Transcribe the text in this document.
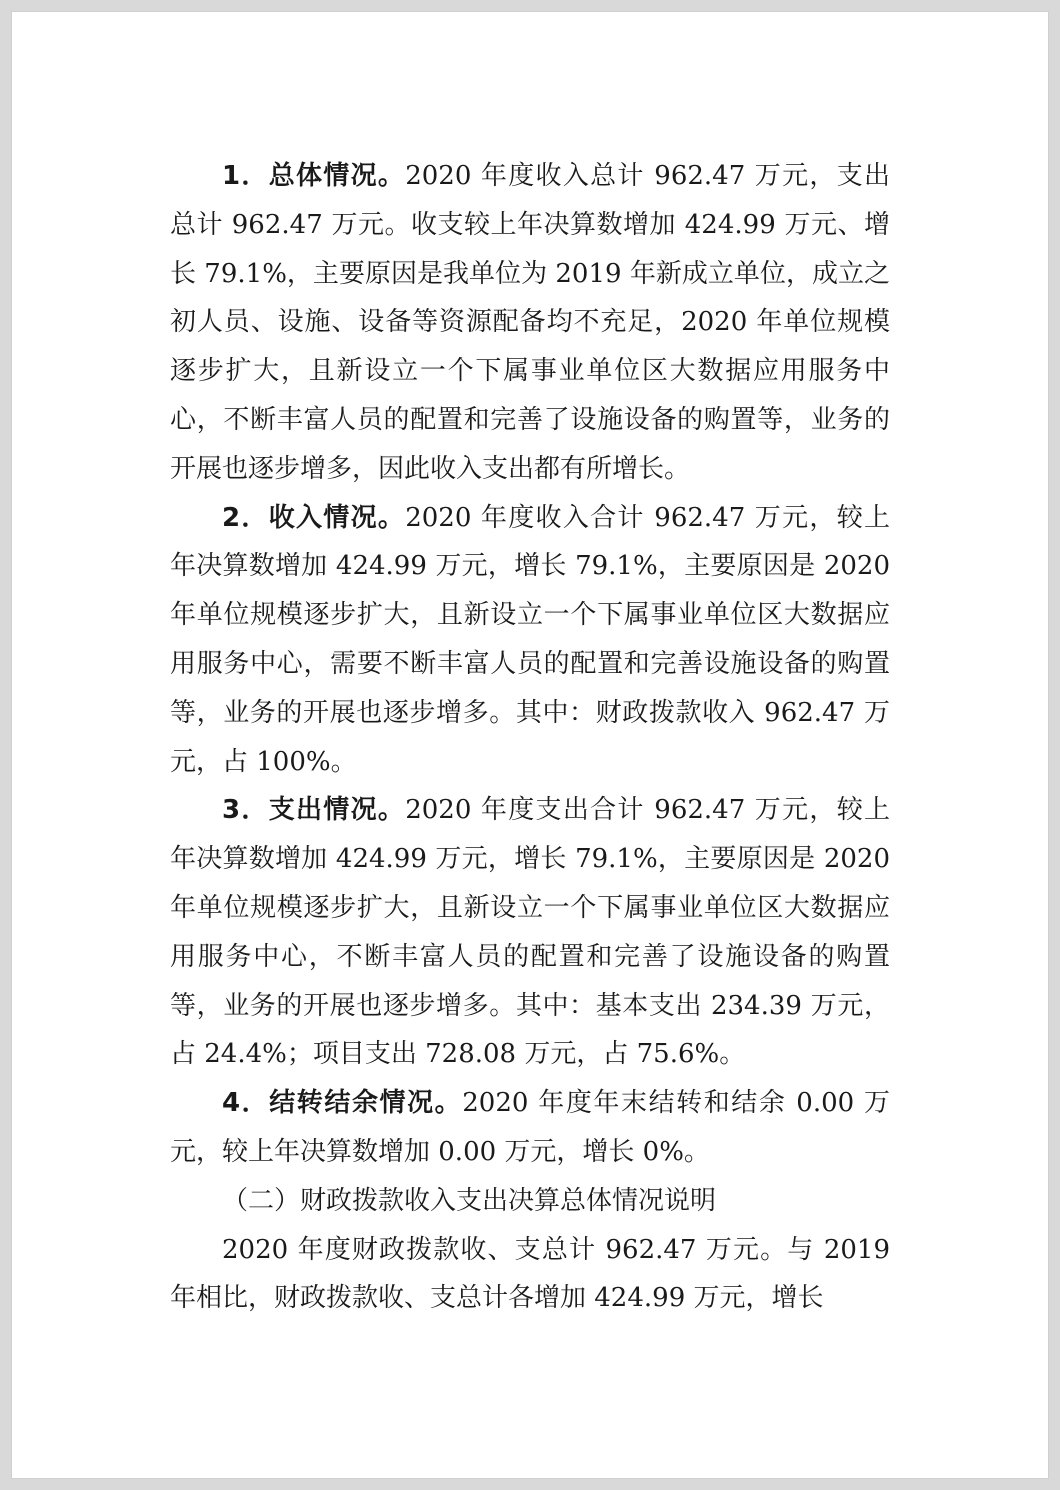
1．总体情况。2020 年度收入总计 962.47 万元，支出总计 962.47 万元。收支较上年决算数增加 424.99 万元、增长 79.1%，主要原因是我单位为 2019 年新成立单位，成立之初人员、设施、设备等资源配备均不充足，2020 年单位规模逐步扩大，且新设立一个下属事业单位区大数据应用服务中心，不断丰富人员的配置和完善了设施设备的购置等，业务的开展也逐步增多，因此收入支出都有所增长。

2．收入情况。2020 年度收入合计 962.47 万元，较上年决算数增加 424.99 万元，增长 79.1%，主要原因是 2020 年单位规模逐步扩大，且新设立一个下属事业单位区大数据应用服务中心，需要不断丰富人员的配置和完善设施设备的购置等，业务的开展也逐步增多。其中：财政拨款收入 962.47 万元，占 100%。

3．支出情况。2020 年度支出合计 962.47 万元，较上年决算数增加 424.99 万元，增长 79.1%，主要原因是 2020 年单位规模逐步扩大，且新设立一个下属事业单位区大数据应用服务中心，不断丰富人员的配置和完善了设施设备的购置等，业务的开展也逐步增多。其中：基本支出 234.39 万元，占 24.4%；项目支出 728.08 万元，占 75.6%。

4．结转结余情况。2020 年度年末结转和结余 0.00 万元，较上年决算数增加 0.00 万元，增长 0%。

（二）财政拨款收入支出决算总体情况说明

2020 年度财政拨款收、支总计 962.47 万元。与 2019 年相比，财政拨款收、支总计各增加 424.99 万元，增长
